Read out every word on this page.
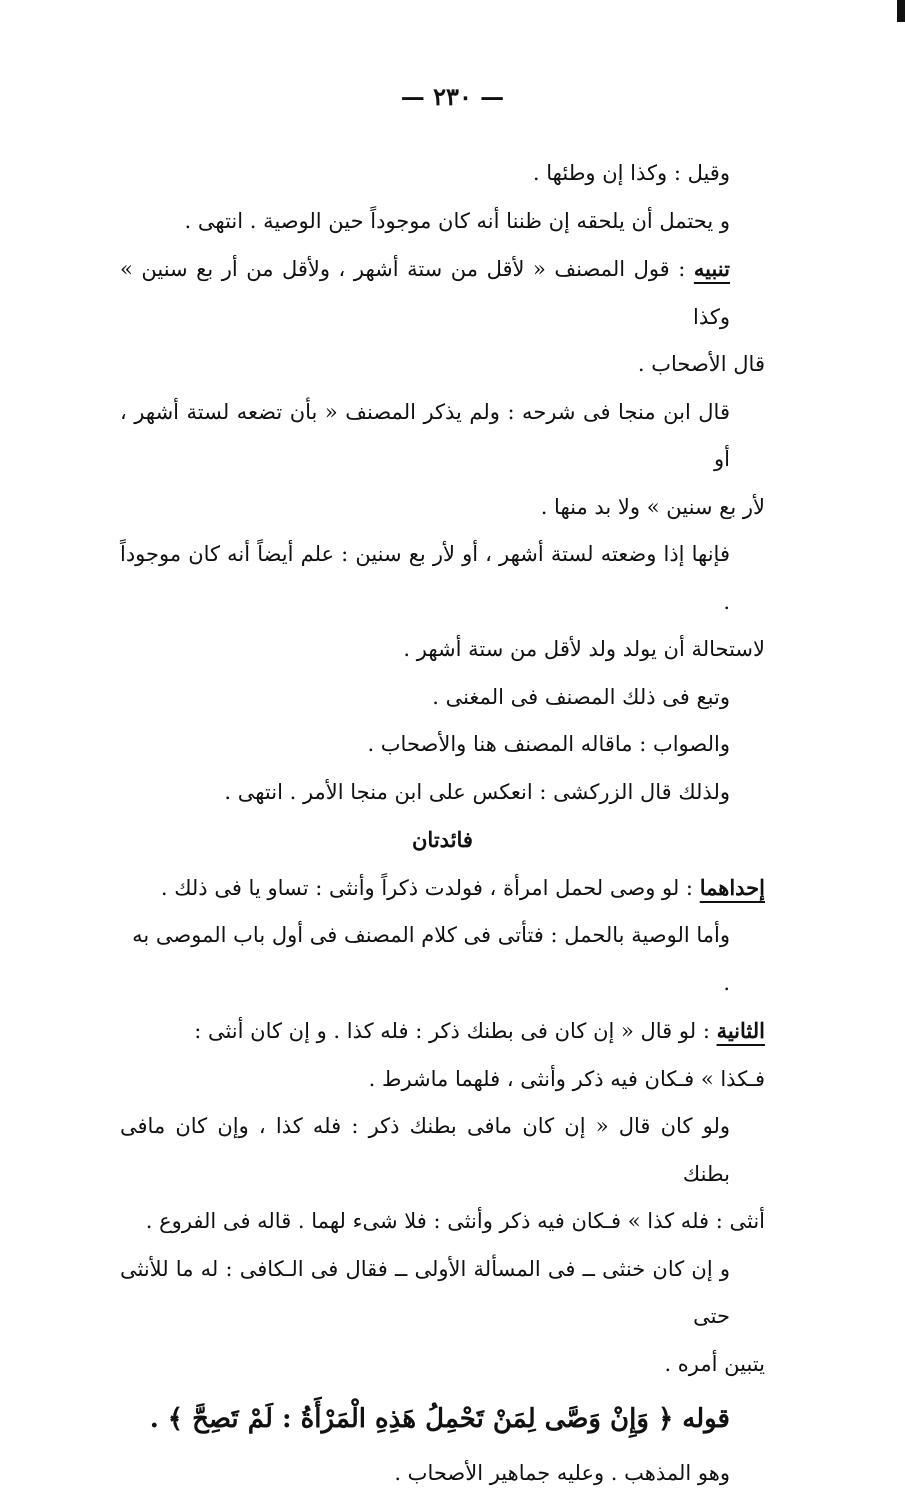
— ٢٣٠ —

وقيل : وكذا إن وطئها .

و يحتمل أن يلحقه إن ظننا أنه كان موجوداً حين الوصية . انتهى .

تنبيه : قول المصنف « لأقل من ستة أشهر ، ولأقل من أر بع سنين » وكذا

قال الأصحاب .

قال ابن منجا فى شرحه : ولم يذكر المصنف « بأن تضعه لستة أشهر ، أو

لأر بع سنين » ولا بد منها .

فإنها إذا وضعته لستة أشهر ، أو لأر بع سنين : علم أيضاً أنه كان موجوداً .

لاستحالة أن يولد ولد لأقل من ستة أشهر .

وتبع فى ذلك المصنف فى المغنى .

والصواب : ماقاله المصنف هنا والأصحاب .

ولذلك قال الزركشى : انعكس على ابن منجا الأمر . انتهى .

فائدتان

إحداهما : لو وصى لحمل امرأة ، فولدت ذكراً وأنثى : تساو يا فى ذلك .

وأما الوصية بالحمل : فتأتى فى كلام المصنف فى أول باب الموصى به .

الثانية : لو قال « إن كان فى بطنك ذكر : فله كذا . و إن كان أنثى :

فـكذا » فـكان فيه ذكر وأنثى ، فلهما ماشرط .

ولو كان قال « إن كان مافى بطنك ذكر : فله كذا ، وإن كان مافى بطنك

أنثى : فله كذا » فـكان فيه ذكر وأنثى : فلا شىء لهما . قاله فى الفروع .

و إن كان خنثى ــ فى المسألة الأولى ــ فقال فى الـكافى : له ما للأنثى حتى

يتبين أمره .

قوله ﴿ وَإِنْ وَصَّى لِمَنْ تَحْمِلُ هَذِهِ الْمَرْأَةُ : لَمْ تَصِحَّ ﴾ .

وهو المذهب . وعليه جماهير الأصحاب .
